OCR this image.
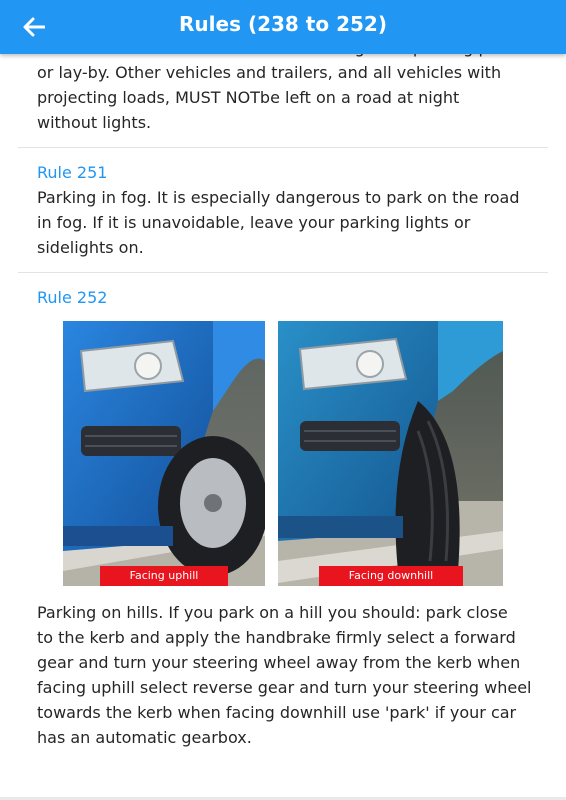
or lay-by. Other vehicles and trailers, and all vehicles with
projecting loads, MUST NOTbe left on a road at night
without lights.
Rule 251
Parking in fog. It is especially dangerous to park on the road
in fog. If it is unavoidable, leave your parking lights or
sidelights on.
Rule 252
Facing uphill	Facing downhill
Parking on hills. If you park on a hill you should: park close
to the kerb and apply the handbrake firmly select a forward
gear and turn your steering wheel away from the kerb when
facing uphill select reverse gear and turn your steering wheel
towards the kerb when facing downhill use 'park' if your car
has an automatic gearbox.
Rules (238 to 252)
